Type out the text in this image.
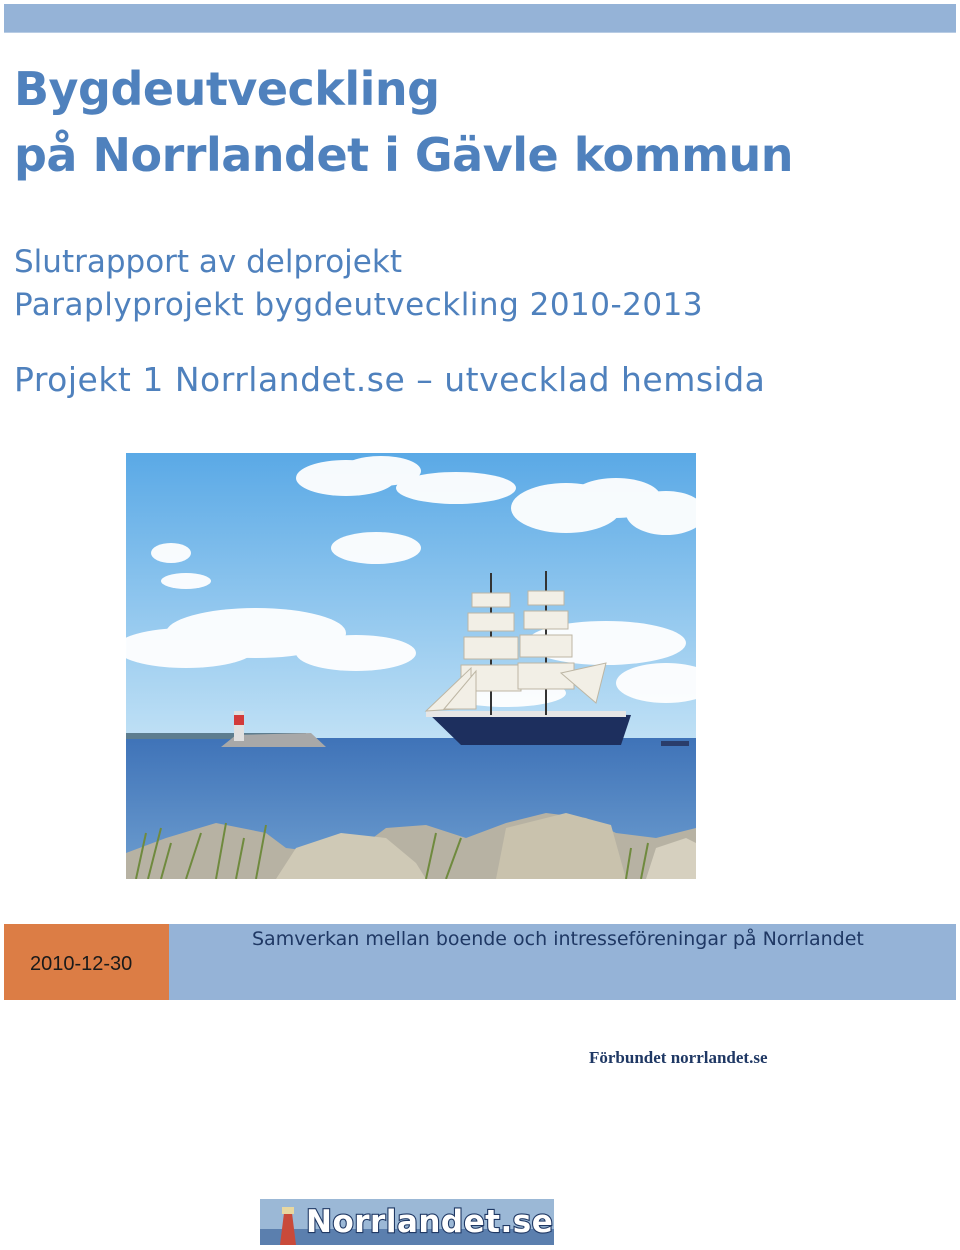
Bygdeutveckling
på Norrlandet i Gävle kommun

Slutrapport av delprojekt

Paraplyprojekt bygdeutveckling 2010-2013

Projekt 1 Norrlandet.se – utvecklad hemsida

2010-12-30
Samverkan mellan boende och intresseföreningar på Norrlandet
Förbundet norrlandet.se
Norrlandet.se
